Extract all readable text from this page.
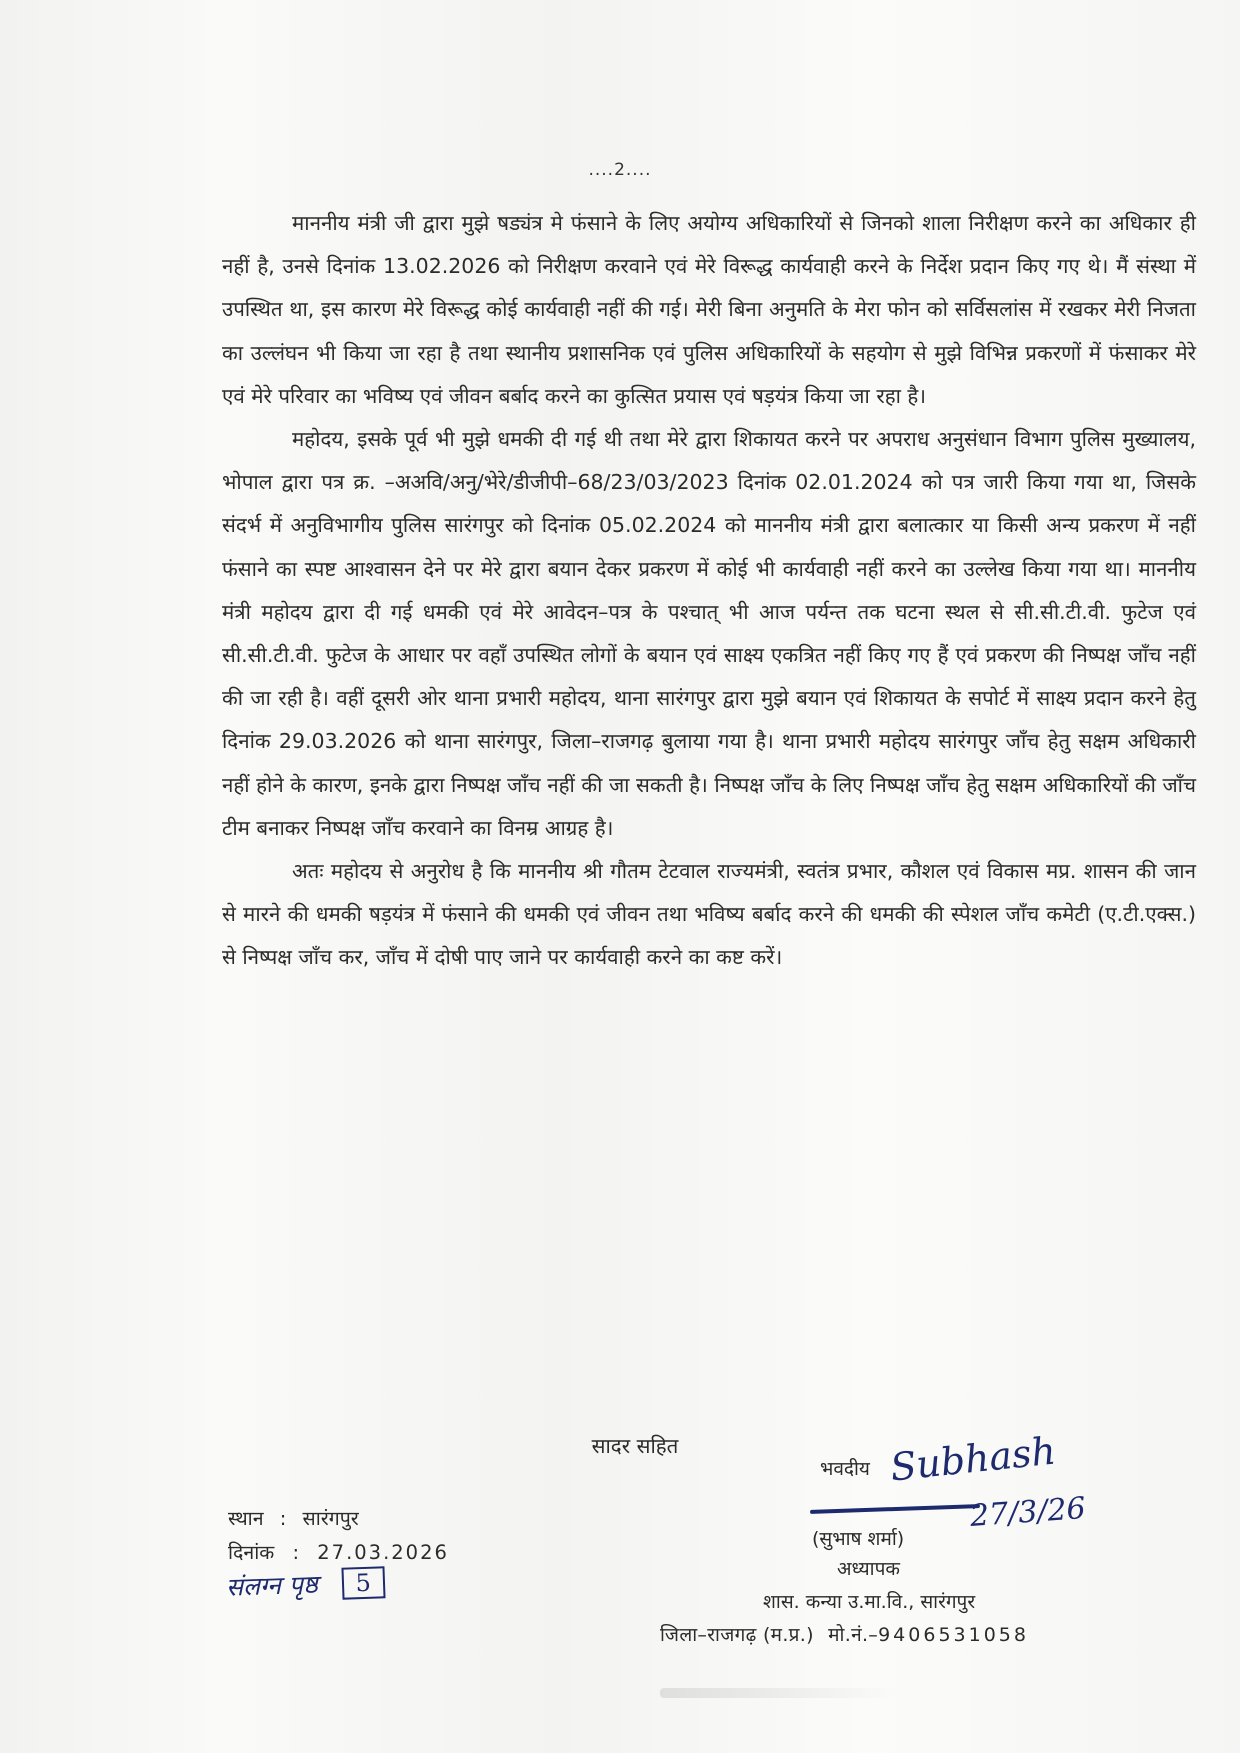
....2....

माननीय मंत्री जी द्वारा मुझे षड्यंत्र मे फंसाने के लिए अयोग्य अधिकारियों से जिनको शाला निरीक्षण करने का अधिकार ही नहीं है, उनसे दिनांक 13.02.2026 को निरीक्षण करवाने एवं मेरे विरूद्ध कार्यवाही करने के निर्देश प्रदान किए गए थे। मैं संस्था में उपस्थित था, इस कारण मेरे विरूद्ध कोई कार्यवाही नहीं की गई। मेरी बिना अनुमति के मेरा फोन को सर्विसलांस में रखकर मेरी निजता का उल्लंघन भी किया जा रहा है तथा स्थानीय प्रशासनिक एवं पुलिस अधिकारियों के सहयोग से मुझे विभिन्न प्रकरणों में फंसाकर मेरे एवं मेरे परिवार का भविष्य एवं जीवन बर्बाद करने का कुत्सित प्रयास एवं षड़यंत्र किया जा रहा है।

महोदय, इसके पूर्व भी मुझे धमकी दी गई थी तथा मेरे द्वारा शिकायत करने पर अपराध अनुसंधान विभाग पुलिस मुख्यालय, भोपाल द्वारा पत्र क्र. –अअवि/अनु/भेरे/डीजीपी–68/23/03/2023 दिनांक 02.01.2024 को पत्र जारी किया गया था, जिसके संदर्भ में अनुविभागीय पुलिस सारंगपुर को दिनांक 05.02.2024 को माननीय मंत्री द्वारा बलात्कार या किसी अन्य प्रकरण में नहीं फंसाने का स्पष्ट आश्वासन देने पर मेरे द्वारा बयान देकर प्रकरण में कोई भी कार्यवाही नहीं करने का उल्लेख किया गया था। माननीय मंत्री महोदय द्वारा दी गई धमकी एवं मेरे आवेदन–पत्र के पश्चात् भी आज पर्यन्त तक घटना स्थल से सी.सी.टी.वी. फुटेज एवं सी.सी.टी.वी. फुटेज के आधार पर वहाँ उपस्थित लोगों के बयान एवं साक्ष्य एकत्रित नहीं किए गए हैं एवं प्रकरण की निष्पक्ष जाँच नहीं की जा रही है। वहीं दूसरी ओर थाना प्रभारी महोदय, थाना सारंगपुर द्वारा मुझे बयान एवं शिकायत के सपोर्ट में साक्ष्य प्रदान करने हेतु दिनांक 29.03.2026 को थाना सारंगपुर, जिला–राजगढ़ बुलाया गया है। थाना प्रभारी महोदय सारंगपुर जाँच हेतु सक्षम अधिकारी नहीं होने के कारण, इनके द्वारा निष्पक्ष जाँच नहीं की जा सकती है। निष्पक्ष जाँच के लिए निष्पक्ष जाँच हेतु सक्षम अधिकारियों की जाँच टीम बनाकर निष्पक्ष जाँच करवाने का विनम्र आग्रह है।

अतः महोदय से अनुरोध है कि माननीय श्री गौतम टेटवाल राज्यमंत्री, स्वतंत्र प्रभार, कौशल एवं विकास मप्र. शासन की जान से मारने की धमकी षड़यंत्र में फंसाने की धमकी एवं जीवन तथा भविष्य बर्बाद करने की धमकी की स्पेशल जाँच कमेटी (ए.टी.एक्स.) से निष्पक्ष जाँच कर, जाँच में दोषी पाए जाने पर कार्यवाही करने का कष्ट करें।

सादर सहित
स्थान : सारंगपुर
दिनांक : 27.03.2026
संलग्न पृष्ठ 5
भवदीय Subhash
27/3/26
(सुभाष शर्मा)
अध्यापक
शास. कन्या उ.मा.वि., सारंगपुर
जिला–राजगढ़ (म.प्र.) मो.नं.–9406531058
